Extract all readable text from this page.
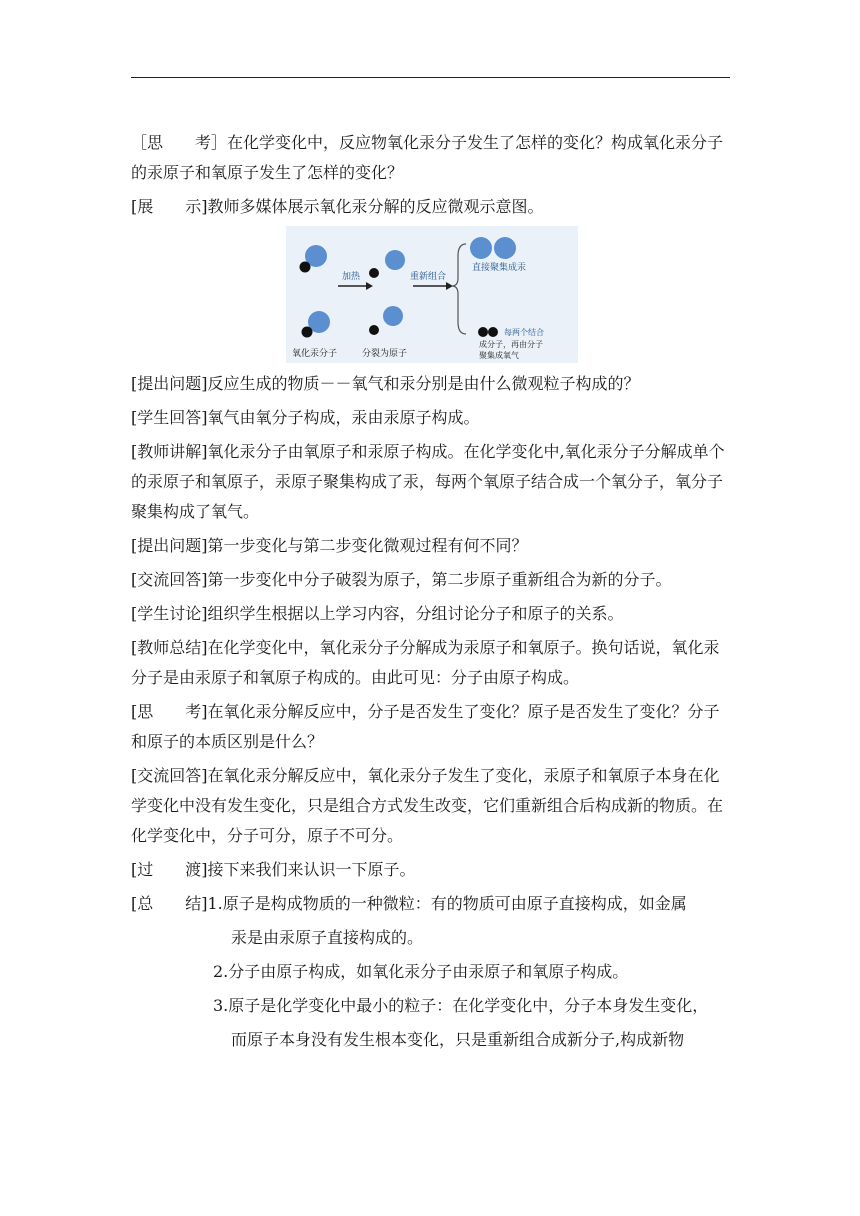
［思　　考］在化学变化中，反应物氧化汞分子发生了怎样的变化？构成氧化汞分子的汞原子和氧原子发生了怎样的变化？

[展　　示]教师多媒体展示氧化汞分解的反应微观示意图。

加热	重新组合
直接聚集成汞
每两个结合
成分子，再由分子
聚集成氧气
氧化汞分子	分裂为原子

[提出问题]反应生成的物质－－氧气和汞分别是由什么微观粒子构成的？

[学生回答]氧气由氧分子构成，汞由汞原子构成。

[教师讲解]氧化汞分子由氧原子和汞原子构成。在化学变化中,氧化汞分子分解成单个的汞原子和氧原子，汞原子聚集构成了汞，每两个氧原子结合成一个氧分子，氧分子聚集构成了氧气。

[提出问题]第一步变化与第二步变化微观过程有何不同？

[交流回答]第一步变化中分子破裂为原子，第二步原子重新组合为新的分子。

[学生讨论]组织学生根据以上学习内容，分组讨论分子和原子的关系。

[教师总结]在化学变化中，氧化汞分子分解成为汞原子和氧原子。换句话说，氧化汞分子是由汞原子和氧原子构成的。由此可见：分子由原子构成。

[思　　考]在氧化汞分解反应中，分子是否发生了变化？原子是否发生了变化？分子和原子的本质区别是什么？

[交流回答]在氧化汞分解反应中，氧化汞分子发生了变化，汞原子和氧原子本身在化学变化中没有发生变化，只是组合方式发生改变，它们重新组合后构成新的物质。在化学变化中，分子可分，原子不可分。

[过　　渡]接下来我们来认识一下原子。

[总　　结]1.原子是构成物质的一种微粒：有的物质可由原子直接构成，如金属

汞是由汞原子直接构成的。

2.分子由原子构成，如氧化汞分子由汞原子和氧原子构成。

3.原子是化学变化中最小的粒子：在化学变化中，分子本身发生变化，

而原子本身没有发生根本变化，只是重新组合成新分子,构成新物
